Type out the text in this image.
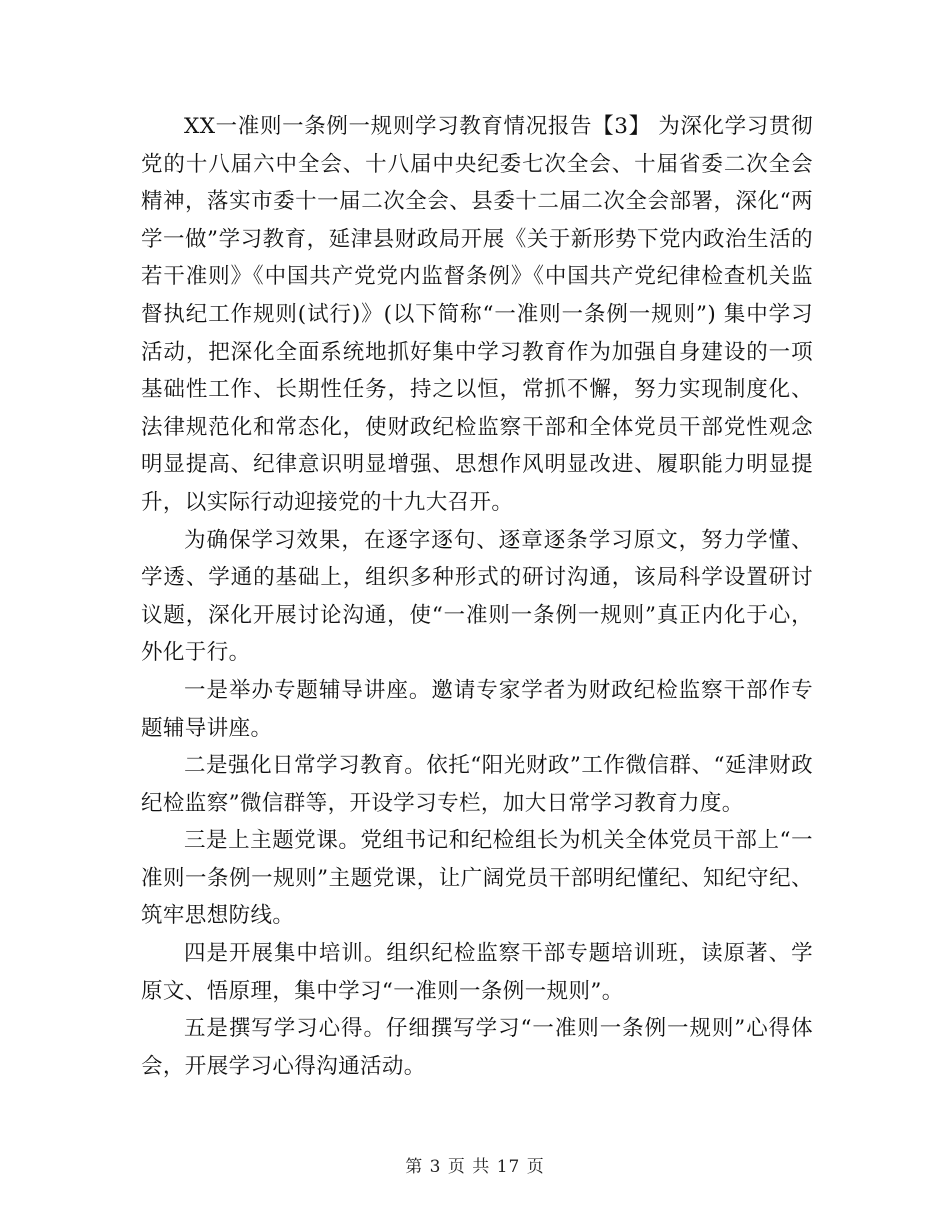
XX一准则一条例一规则学习教育情况报告【3】 为深化学习贯彻党的十八届六中全会、十八届中央纪委七次全会、十届省委二次全会精神，落实市委十一届二次全会、县委十二届二次全会部署，深化“两学一做”学习教育，延津县财政局开展《关于新形势下党内政治生活的若干准则》《中国共产党党内监督条例》《中国共产党纪律检查机关监督执纪工作规则(试行)》(以下简称“一准则一条例一规则”) 集中学习活动，把深化全面系统地抓好集中学习教育作为加强自身建设的一项基础性工作、长期性任务，持之以恒，常抓不懈，努力实现制度化、法律规范化和常态化，使财政纪检监察干部和全体党员干部党性观念明显提高、纪律意识明显增强、思想作风明显改进、履职能力明显提升，以实际行动迎接党的十九大召开。

为确保学习效果，在逐字逐句、逐章逐条学习原文，努力学懂、学透、学通的基础上，组织多种形式的研讨沟通，该局科学设置研讨议题，深化开展讨论沟通，使“一准则一条例一规则”真正内化于心，外化于行。

一是举办专题辅导讲座。邀请专家学者为财政纪检监察干部作专题辅导讲座。

二是强化日常学习教育。依托“阳光财政”工作微信群、“延津财政纪检监察”微信群等，开设学习专栏，加大日常学习教育力度。

三是上主题党课。党组书记和纪检组长为机关全体党员干部上“一准则一条例一规则”主题党课，让广阔党员干部明纪懂纪、知纪守纪、筑牢思想防线。

四是开展集中培训。组织纪检监察干部专题培训班，读原著、学原文、悟原理，集中学习“一准则一条例一规则”。

五是撰写学习心得。仔细撰写学习“一准则一条例一规则”心得体会，开展学习心得沟通活动。

第 3 页 共 17 页
